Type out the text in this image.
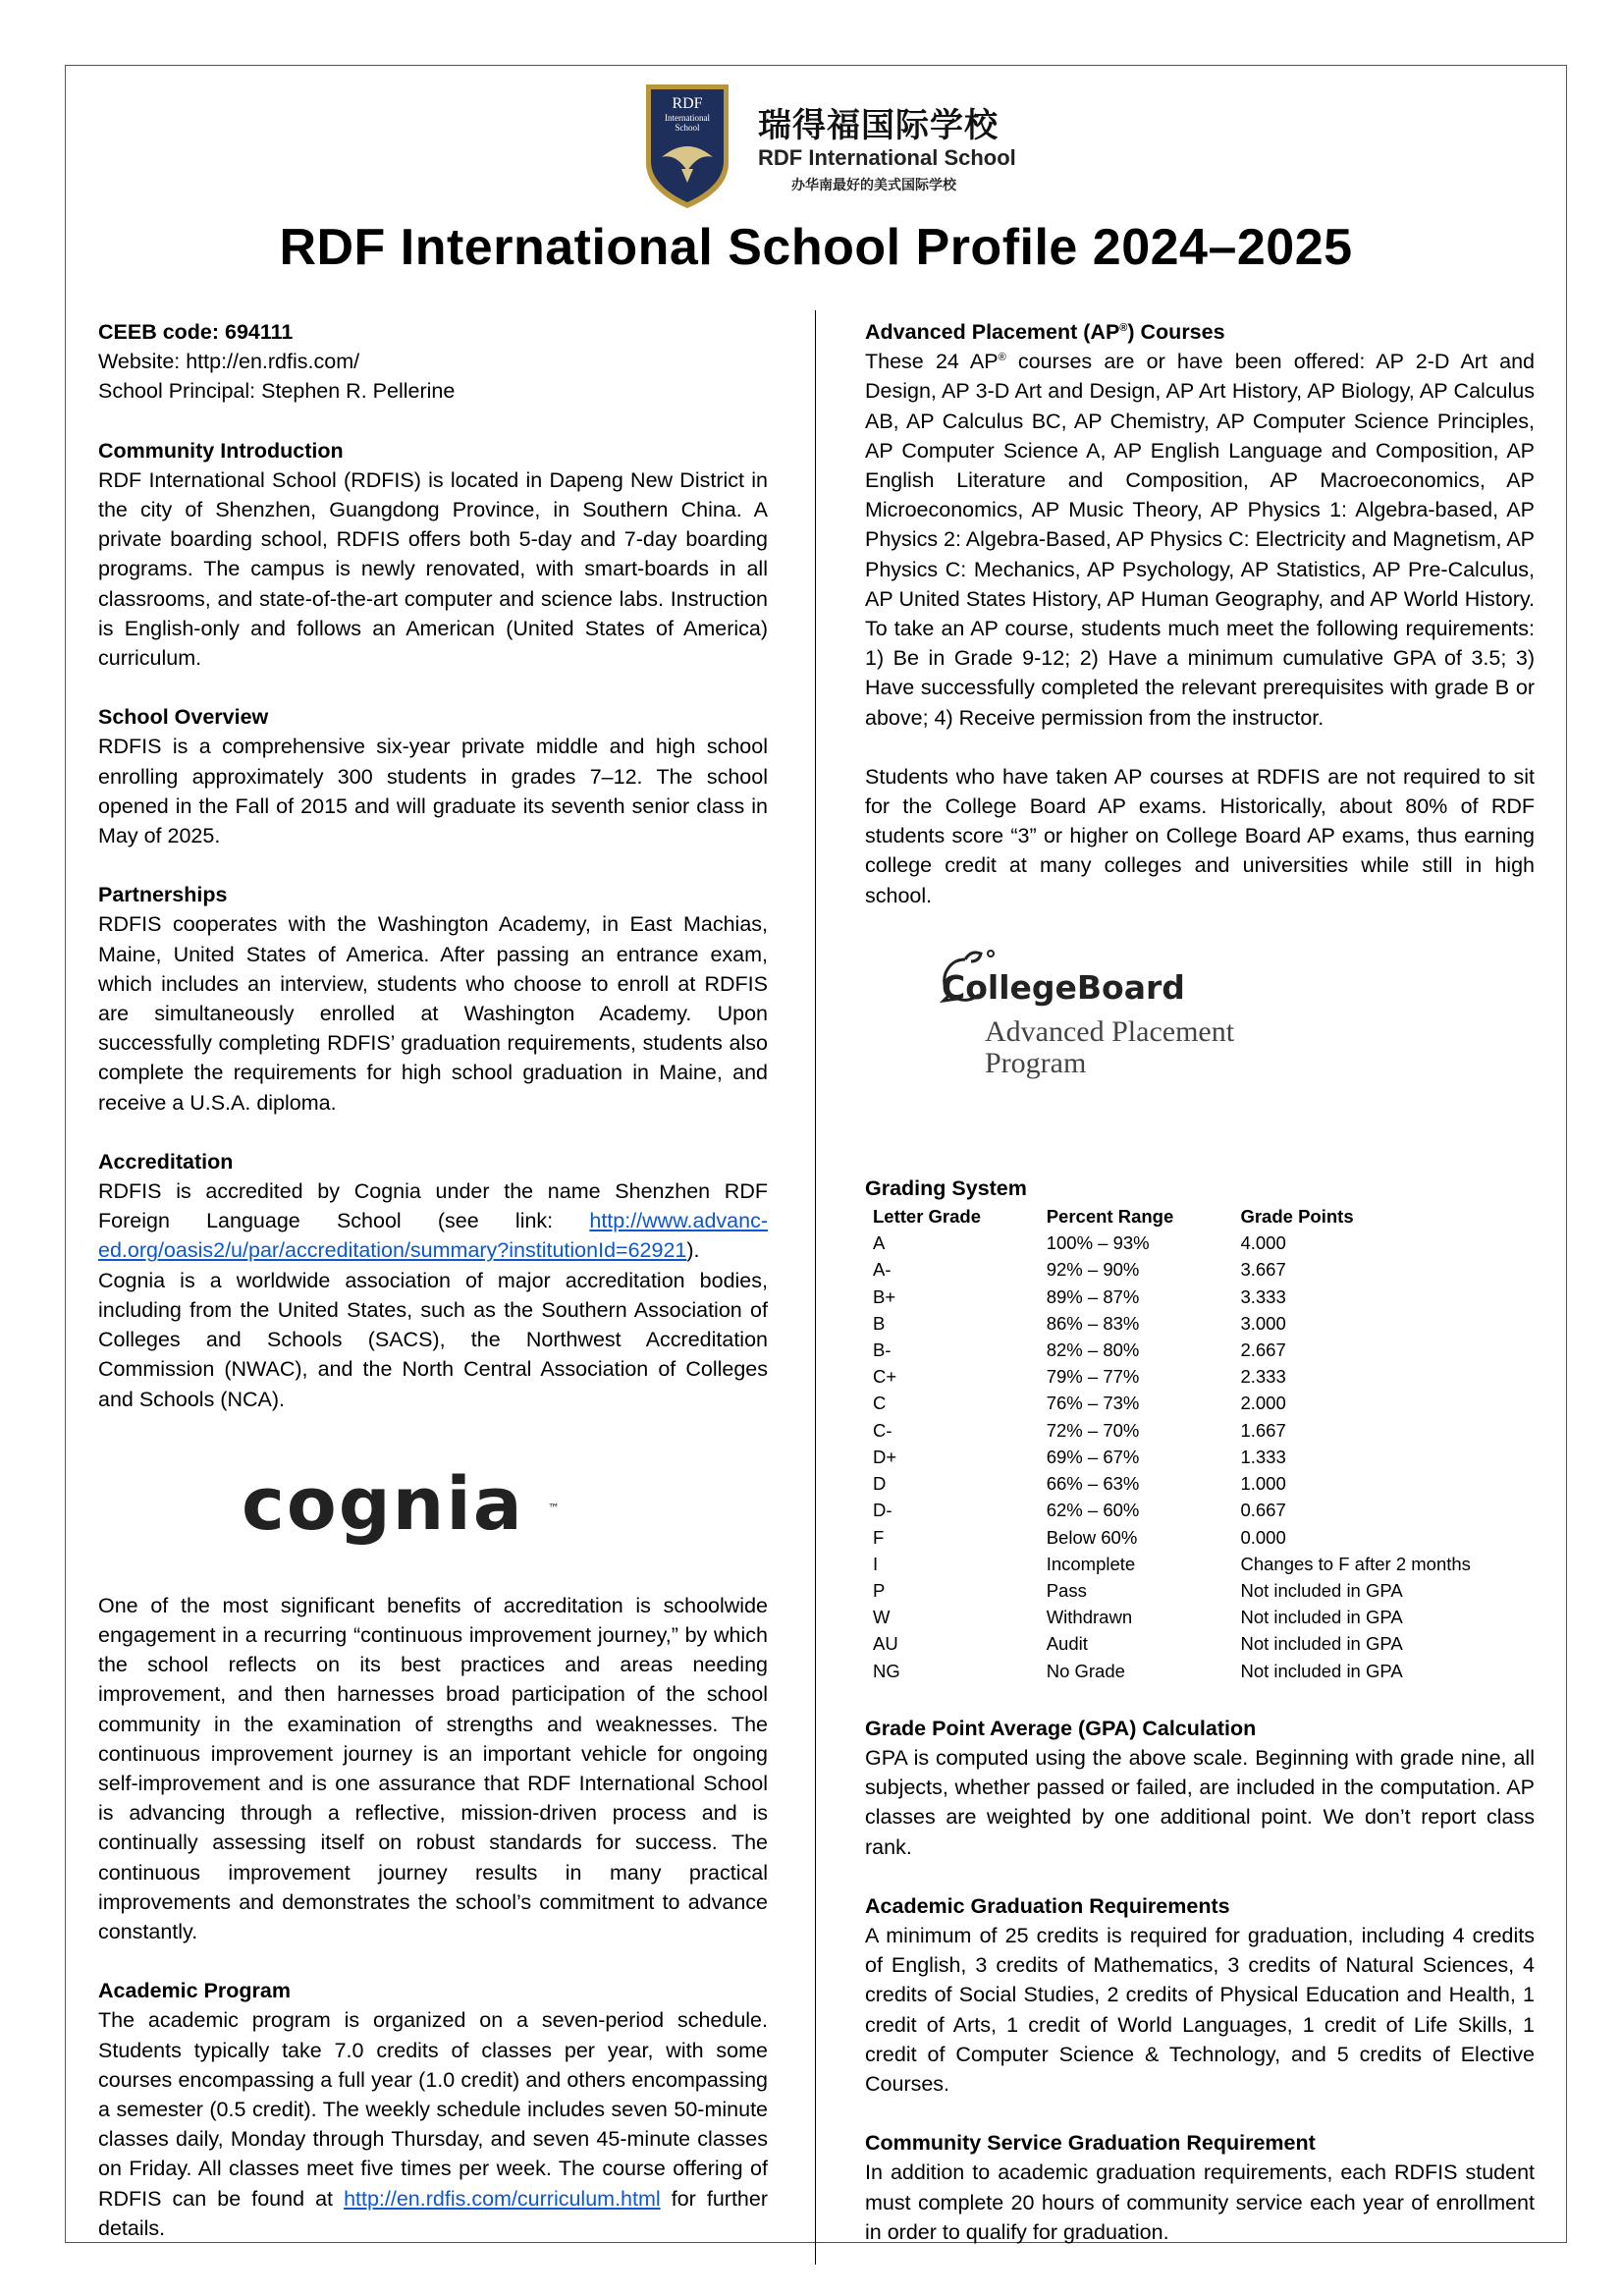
RDF
International
School 瑞得福国际学校
RDF International School
办华南最好的美式国际学校
RDF International School Profile 2024–2025

CEEB code: 694111

Website: http://en.rdfis.com/

School Principal: Stephen R. Pellerine

Community Introduction

RDF International School (RDFIS) is located in Dapeng New District in the city of Shenzhen, Guangdong Province, in Southern China. A private boarding school, RDFIS offers both 5-day and 7-day boarding programs. The campus is newly renovated, with smart-boards in all classrooms, and state-of-the-art computer and science labs. Instruction is English-only and follows an American (United States of America) curriculum.

School Overview

RDFIS is a comprehensive six-year private middle and high school enrolling approximately 300 students in grades 7–12. The school opened in the Fall of 2015 and will graduate its seventh senior class in May of 2025.

Partnerships

RDFIS cooperates with the Washington Academy, in East Machias, Maine, United States of America. After passing an entrance exam, which includes an interview, students who choose to enroll at RDFIS are simultaneously enrolled at Washington Academy. Upon successfully completing RDFIS’ graduation requirements, students also complete the requirements for high school graduation in Maine, and receive a U.S.A. diploma.

Accreditation

RDFIS is accredited by Cognia under the name Shenzhen RDF Foreign Language School (see link: http://www.advanc-ed.org/oasis2/u/par/accreditation/summary?institutionId=62921). Cognia is a worldwide association of major accreditation bodies, including from the United States, such as the Southern Association of Colleges and Schools (SACS), the Northwest Accreditation Commission (NWAC), and the North Central Association of Colleges and Schools (NCA).

cognia ™

One of the most significant benefits of accreditation is schoolwide engagement in a recurring “continuous improvement journey,” by which the school reflects on its best practices and areas needing improvement, and then harnesses broad participation of the school community in the examination of strengths and weaknesses. The continuous improvement journey is an important vehicle for ongoing self-improvement and is one assurance that RDF International School is advancing through a reflective, mission-driven process and is continually assessing itself on robust standards for success. The continuous improvement journey results in many practical improvements and demonstrates the school’s commitment to advance constantly.

Academic Program

The academic program is organized on a seven-period schedule. Students typically take 7.0 credits of classes per year, with some courses encompassing a full year (1.0 credit) and others encompassing a semester (0.5 credit). The weekly schedule includes seven 50-minute classes daily, Monday through Thursday, and seven 45-minute classes on Friday. All classes meet five times per week. The course offering of RDFIS can be found at http://en.rdfis.com/curriculum.html for further details.

Advanced Placement (AP®) Courses

These 24 AP® courses are or have been offered: AP 2-D Art and Design, AP 3-D Art and Design, AP Art History, AP Biology, AP Calculus AB, AP Calculus BC, AP Chemistry, AP Computer Science Principles, AP Computer Science A, AP English Language and Composition, AP English Literature and Composition, AP Macroeconomics, AP Microeconomics, AP Music Theory, AP Physics 1: Algebra-based, AP Physics 2: Algebra-Based, AP Physics C: Electricity and Magnetism, AP Physics C: Mechanics, AP Psychology, AP Statistics, AP Pre-Calculus, AP United States History, AP Human Geography, and AP World History. To take an AP course, students much meet the following requirements: 1) Be in Grade 9-12; 2) Have a minimum cumulative GPA of 3.5; 3) Have successfully completed the relevant prerequisites with grade B or above; 4) Receive permission from the instructor.

Students who have taken AP courses at RDFIS are not required to sit for the College Board AP exams. Historically, about 80% of RDF students score “3” or higher on College Board AP exams, thus earning college credit at many colleges and universities while still in high school.

CollegeBoard
Advanced Placement
Program

Grading System

Letter Grade	Percent Range	Grade Points
A	100% – 93%	4.000
A-	92% – 90%	3.667
B+	89% – 87%	3.333
B	86% – 83%	3.000
B-	82% – 80%	2.667
C+	79% – 77%	2.333
C	76% – 73%	2.000
C-	72% – 70%	1.667
D+	69% – 67%	1.333
D	66% – 63%	1.000
D-	62% – 60%	0.667
F	Below 60%	0.000
I	Incomplete	Changes to F after 2 months
P	Pass	Not included in GPA
W	Withdrawn	Not included in GPA
AU	Audit	Not included in GPA
NG	No Grade	Not included in GPA

Grade Point Average (GPA) Calculation

GPA is computed using the above scale. Beginning with grade nine, all subjects, whether passed or failed, are included in the computation. AP classes are weighted by one additional point. We don’t report class rank.

Academic Graduation Requirements

A minimum of 25 credits is required for graduation, including 4 credits of English, 3 credits of Mathematics, 3 credits of Natural Sciences, 4 credits of Social Studies, 2 credits of Physical Education and Health, 1 credit of Arts, 1 credit of World Languages, 1 credit of Life Skills, 1 credit of Computer Science & Technology, and 5 credits of Elective Courses.

Community Service Graduation Requirement

In addition to academic graduation requirements, each RDFIS student must complete 20 hours of community service each year of enrollment in order to qualify for graduation.
